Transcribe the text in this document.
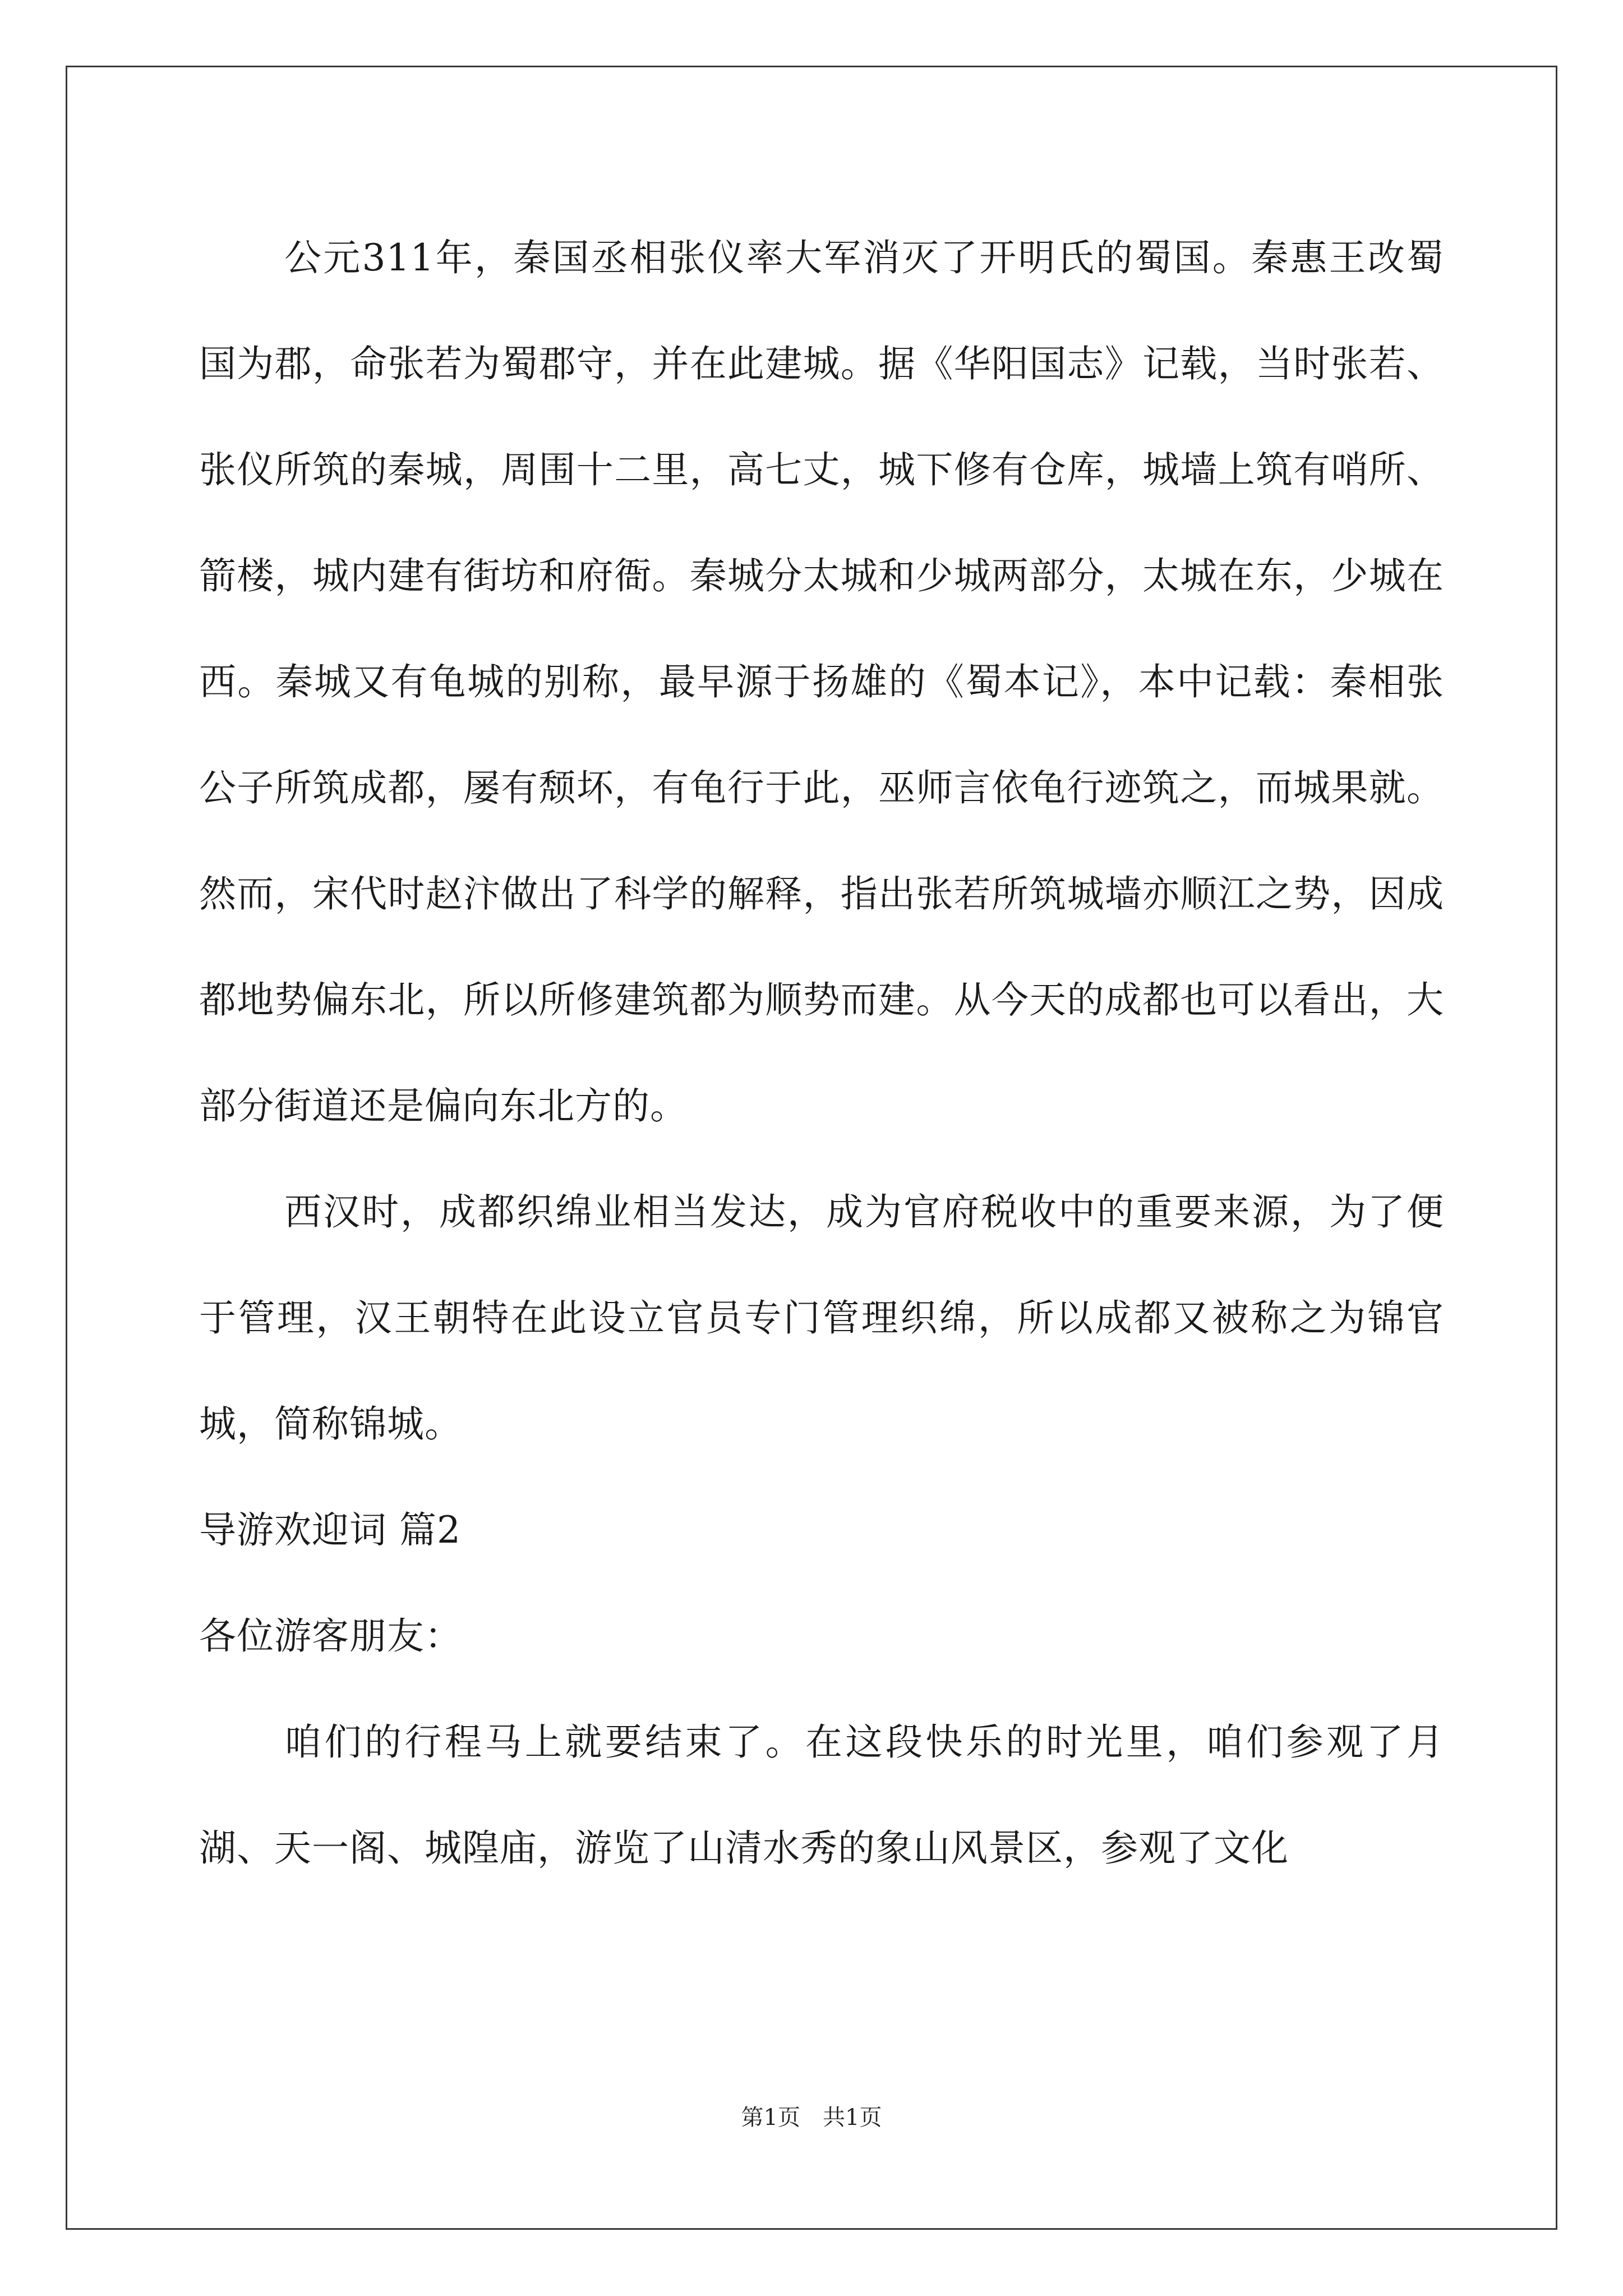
公元311年，秦国丞相张仪率大军消灭了开明氏的蜀国。秦惠王改蜀国为郡，命张若为蜀郡守，并在此建城。据《华阳国志》记载，当时张若、张仪所筑的秦城，周围十二里，高七丈，城下修有仓库，城墙上筑有哨所、箭楼，城内建有街坊和府衙。秦城分太城和少城两部分，太城在东，少城在西。秦城又有龟城的别称，最早源于扬雄的《蜀本记》，本中记载：秦相张公子所筑成都，屡有颓坏，有龟行于此，巫师言依龟行迹筑之，而城果就。然而，宋代时赵汴做出了科学的解释，指出张若所筑城墙亦顺江之势，因成都地势偏东北，所以所修建筑都为顺势而建。从今天的成都也可以看出，大部分街道还是偏向东北方的。

西汉时，成都织绵业相当发达，成为官府税收中的重要来源，为了便于管理，汉王朝特在此设立官员专门管理织绵，所以成都又被称之为锦官城，简称锦城。

导游欢迎词 篇2

各位游客朋友：

咱们的行程马上就要结束了。在这段快乐的时光里，咱们参观了月湖、天一阁、城隍庙，游览了山清水秀的象山风景区，参观了文化

第1页　共1页
